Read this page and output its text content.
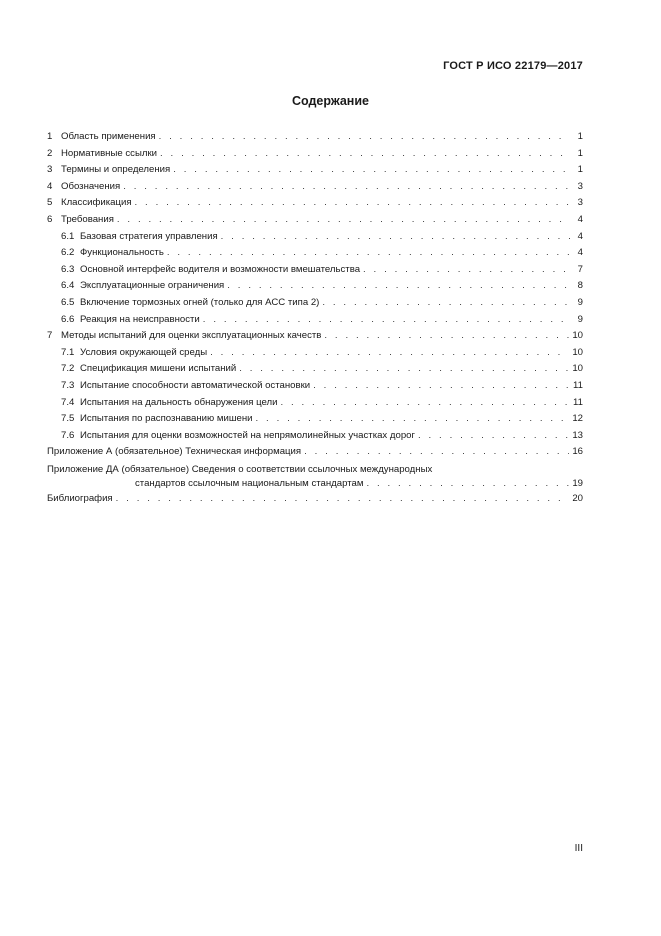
ГОСТ Р ИСО 22179—2017
Содержание
1 Область применения . . .	1
2 Нормативные ссылки . . .	1
3 Термины и определения . . .	1
4 Обозначения . . .	3
5 Классификация . . .	3
6 Требования . . .	4
6.1 Базовая стратегия управления . . .	4
6.2 Функциональность . . .	4
6.3 Основной интерфейс водителя и возможности вмешательства . . .	7
6.4 Эксплуатационные ограничения . . .	8
6.5 Включение тормозных огней (только для АСС типа 2) . . .	9
6.6 Реакция на неисправности . . .	9
7 Методы испытаний для оценки эксплуатационных качеств . . .	10
7.1 Условия окружающей среды . . .	10
7.2 Спецификация мишени испытаний . . .	10
7.3 Испытание способности автоматической остановки . . .	11
7.4 Испытания на дальность обнаружения цели . . .	11
7.5 Испытания по распознаванию мишени . . .	12
7.6 Испытания для оценки возможностей на непрямолинейных участках дорог . . .	13
Приложение А (обязательное) Техническая информация . . .	16
Приложение ДА (обязательное) Сведения о соответствии ссылочных международных
стандартов ссылочным национальным стандартам . . .	19
Библиография . . .	20
III
